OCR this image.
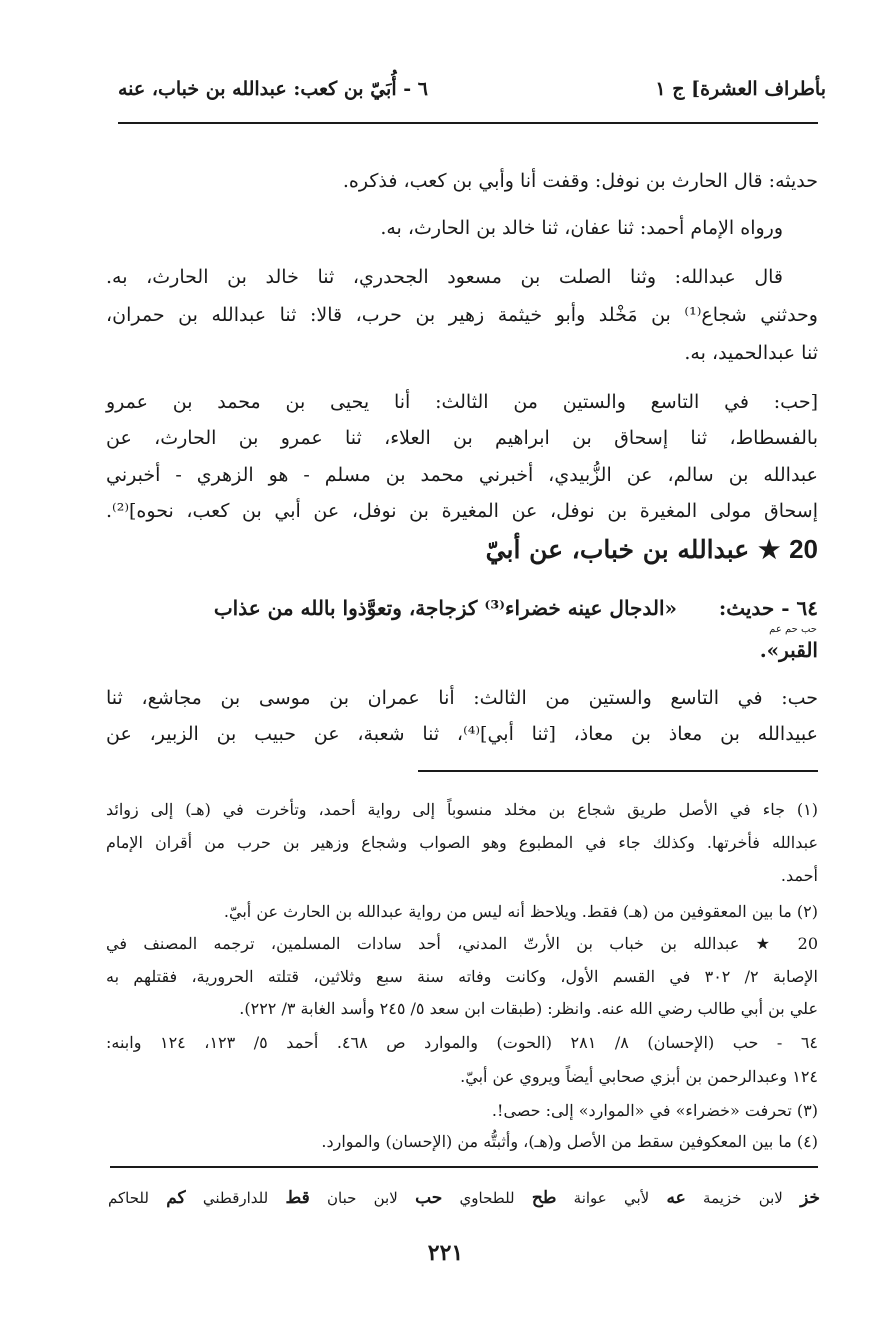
بأطراف العشرة] ج ١
٦ - أُبَيّ بن كعب: عبدالله بن خباب، عنه
حديثه: قال الحارث بن نوفل: وقفت أنا وأبي بن كعب، فذكره.
ورواه الإمام أحمد: ثنا عفان، ثنا خالد بن الحارث، به.
قال عبدالله: وثنا الصلت بن مسعود الجحدري، ثنا خالد بن الحارث، به.
وحدثني شجاع⁽¹⁾ بن مَخْلد وأبو خيثمة زهير بن حرب، قالا: ثنا عبدالله بن حمران،
ثنا عبدالحميد، به.
[حب: في التاسع والستين من الثالث: أنا يحيى بن محمد بن عمرو
بالفسطاط، ثنا إسحاق بن ابراهيم بن العلاء، ثنا عمرو بن الحارث، عن
عبدالله بن سالم، عن الزُّبيدي، أخبرني محمد بن مسلم - هو الزهري - أخبرني
إسحاق مولى المغيرة بن نوفل، عن المغيرة بن نوفل، عن أبي بن كعب، نحوه]⁽²⁾.
20 ★ عبدالله بن خباب، عن أبيّ
٦٤ - حديث:      «الدجال عينه خضراء⁽³⁾ كزجاجة، وتعوَّذوا بالله من عذاب
حب حم عم
القبر».
حب: في التاسع والستين من الثالث: أنا عمران بن موسى بن مجاشع، ثنا
عبيدالله بن معاذ بن معاذ، [ثنا أبي]⁽⁴⁾، ثنا شعبة، عن حبيب بن الزبير، عن
(١) جاء في الأصل طريق شجاع بن مخلد منسوباً إلى رواية أحمد، وتأخرت في (هـ) إلى زوائد
عبدالله فأخرتها. وكذلك جاء في المطبوع وهو الصواب وشجاع وزهير بن حرب من أقران الإمام
أحمد.
(٢) ما بين المعقوفين من (هـ) فقط. ويلاحظ أنه ليس من رواية عبدالله بن الحارث عن أبيّ.
20 ★ عبدالله بن خباب بن الأرتّ المدني، أحد سادات المسلمين، ترجمه المصنف في
الإصابة ٢/ ٣٠٢ في القسم الأول، وكانت وفاته سنة سبع وثلاثين، قتلته الحرورية، فقتلهم به
علي بن أبي طالب رضي الله عنه. وانظر: (طبقات ابن سعد ٥/ ٢٤٥ وأسد الغابة ٣/ ٢٢٢).
٦٤ - حب (الإحسان) ٨/ ٢٨١ (الحوت) والموارد ص ٤٦٨. أحمد ٥/ ١٢٣، ١٢٤ وابنه:
١٢٤ وعبدالرحمن بن أبزي صحابي أيضاً ويروي عن أبيّ.
(٣) تحرفت «خضراء» في «الموارد» إلى: حصى!.
(٤) ما بين المعكوفين سقط من الأصل و(هـ)، وأثبتُّه من (الإحسان) والموارد.
خز لابن خزيمة عه لأبي عوانة طح للطحاوي حب لابن حبان قط للدارقطني كم للحاكم
٢٢١
